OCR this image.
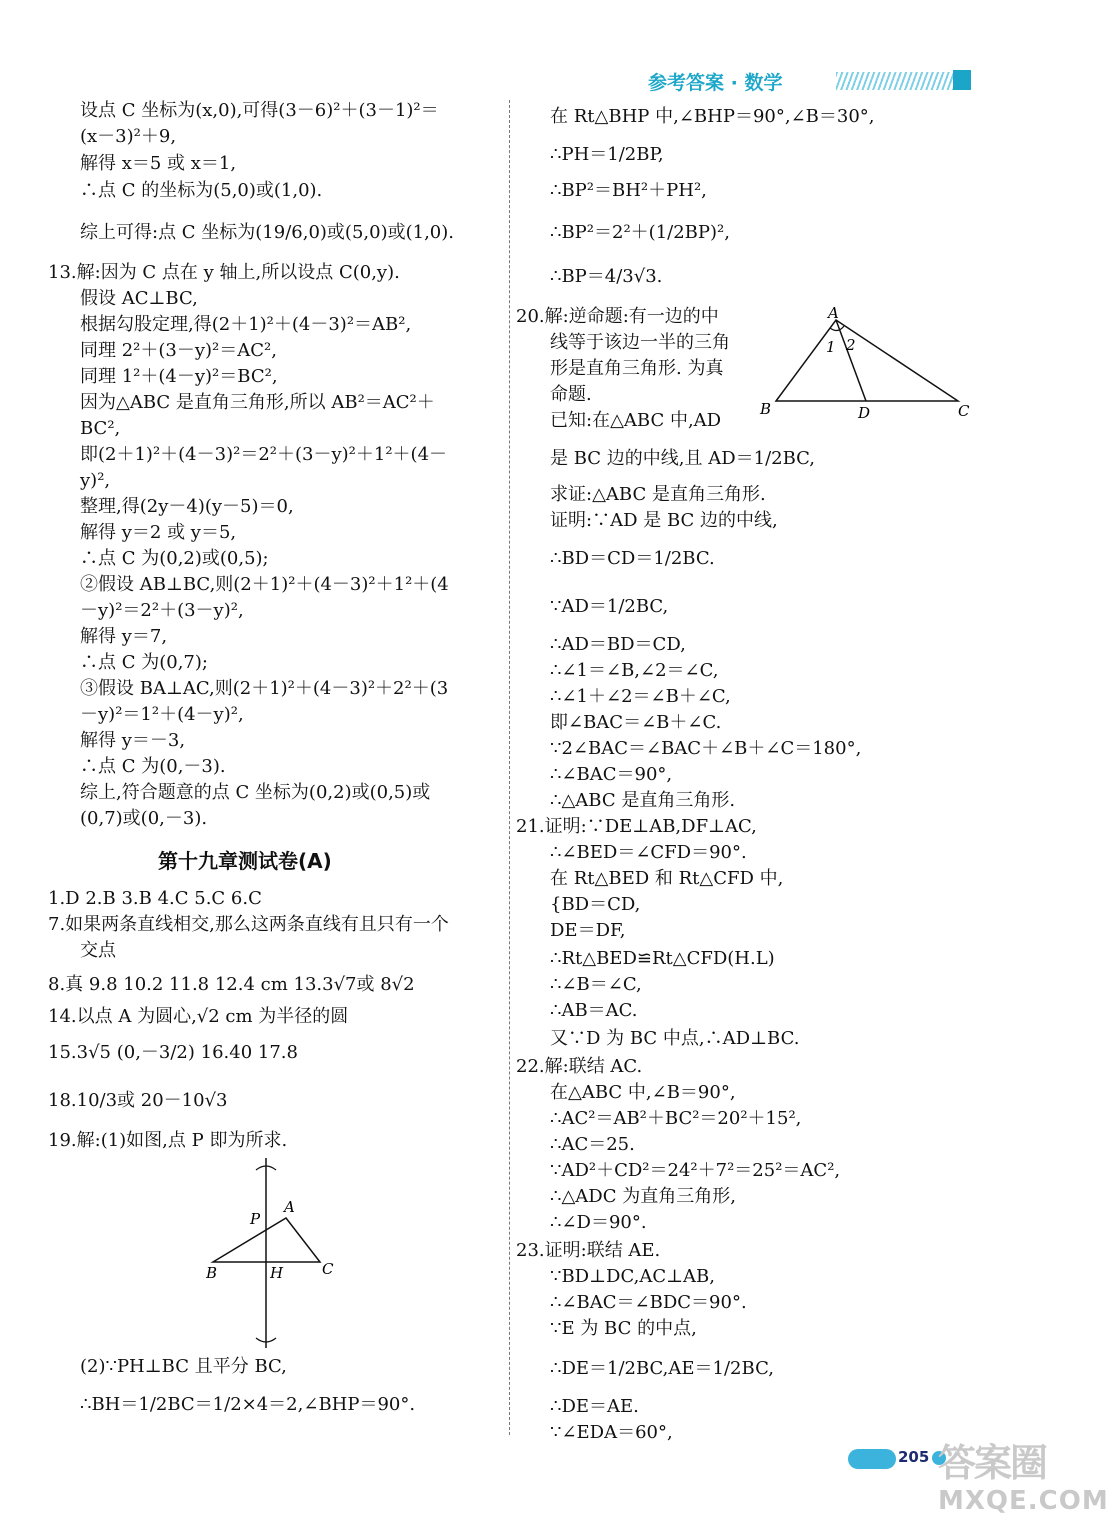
参考答案 · 数学
设点 C 坐标为(x,0),可得(3－6)²＋(3－1)²＝
(x－3)²＋9,
解得 x＝5 或 x＝1,
∴点 C 的坐标为(5,0)或(1,0).
综上可得:点 C 坐标为(19/6,0)或(5,0)或(1,0).
13.解:因为 C 点在 y 轴上,所以设点 C(0,y).
假设 AC⊥BC,
根据勾股定理,得(2＋1)²＋(4－3)²＝AB²,
同理 2²＋(3－y)²＝AC²,
同理 1²＋(4－y)²＝BC²,
因为△ABC 是直角三角形,所以 AB²＝AC²＋
BC²,
即(2＋1)²＋(4－3)²＝2²＋(3－y)²＋1²＋(4－
y)²,
整理,得(2y－4)(y－5)＝0,
解得 y＝2 或 y＝5,
∴点 C 为(0,2)或(0,5);
②假设 AB⊥BC,则(2＋1)²＋(4－3)²＋1²＋(4
－y)²＝2²＋(3－y)²,
解得 y＝7,
∴点 C 为(0,7);
③假设 BA⊥AC,则(2＋1)²＋(4－3)²＋2²＋(3
－y)²＝1²＋(4－y)²,
解得 y＝－3,
∴点 C 为(0,－3).
综上,符合题意的点 C 坐标为(0,2)或(0,5)或
(0,7)或(0,－3).
第十九章测试卷(A)
1.D 2.B 3.B 4.C 5.C 6.C
7.如果两条直线相交,那么这两条直线有且只有一个
交点
8.真 9.8 10.2 11.8 12.4 cm 13.3√7或 8√2
14.以点 A 为圆心,√2 cm 为半径的圆
15.3√5 (0,－3/2) 16.40 17.8
18.10/3或 20－10√3
19.解:(1)如图,点 P 即为所求.
P
A
B	H	C
(2)∵PH⊥BC 且平分 BC,
∴BH＝1/2BC＝1/2×4＝2,∠BHP＝90°.
在 Rt△BHP 中,∠BHP＝90°,∠B＝30°,
∴PH＝1/2BP,
∴BP²＝BH²＋PH²,
∴BP²＝2²＋(1/2BP)²,
∴BP＝4/3√3.
20.解:逆命题:有一边的中
线等于该边一半的三角
形是直角三角形. 为真
命题.
已知:在△ABC 中,AD
A
1 2
B	D	C
是 BC 边的中线,且 AD＝1/2BC,
求证:△ABC 是直角三角形.
证明:∵AD 是 BC 边的中线,
∴BD＝CD＝1/2BC.
∵AD＝1/2BC,
∴AD＝BD＝CD,
∴∠1＝∠B,∠2＝∠C,
∴∠1＋∠2＝∠B＋∠C,
即∠BAC＝∠B＋∠C.
∵2∠BAC＝∠BAC＋∠B＋∠C＝180°,
∴∠BAC＝90°,
∴△ABC 是直角三角形.
21.证明:∵DE⊥AB,DF⊥AC,
∴∠BED＝∠CFD＝90°.
在 Rt△BED 和 Rt△CFD 中,
{BD＝CD,
DE＝DF,
∴Rt△BED≌Rt△CFD(H.L)
∴∠B＝∠C,
∴AB＝AC.
又∵D 为 BC 中点,∴AD⊥BC.
22.解:联结 AC.
在△ABC 中,∠B＝90°,
∴AC²＝AB²＋BC²＝20²＋15²,
∴AC＝25.
∵AD²＋CD²＝24²＋7²＝25²＝AC²,
∴△ADC 为直角三角形,
∴∠D＝90°.
23.证明:联结 AE.
∵BD⊥DC,AC⊥AB,
∴∠BAC＝∠BDC＝90°.
∵E 为 BC 的中点,
∴DE＝1/2BC,AE＝1/2BC,
∴DE＝AE.
∵∠EDA＝60°,
205 答案圈
MXQE.COM
